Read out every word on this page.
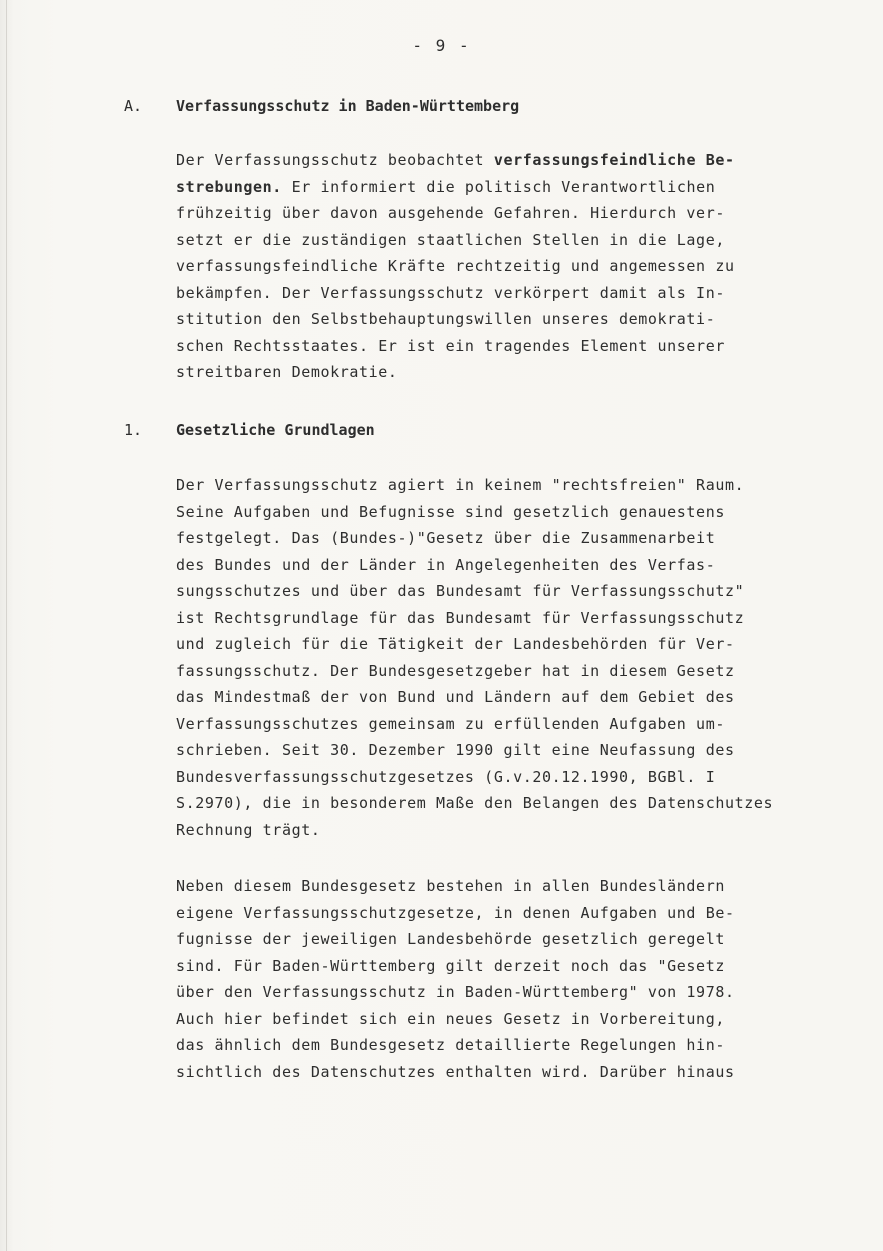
- 9 -
A. Verfassungsschutz in Baden-Württemberg
Der Verfassungsschutz beobachtet verfassungsfeindliche Be-
strebungen. Er informiert die politisch Verantwortlichen
frühzeitig über davon ausgehende Gefahren. Hierdurch ver-
setzt er die zuständigen staatlichen Stellen in die Lage,
verfassungsfeindliche Kräfte rechtzeitig und angemessen zu
bekämpfen. Der Verfassungsschutz verkörpert damit als In-
stitution den Selbstbehauptungswillen unseres demokrati-
schen Rechtsstaates. Er ist ein tragendes Element unserer
streitbaren Demokratie.
1. Gesetzliche Grundlagen
Der Verfassungsschutz agiert in keinem "rechtsfreien" Raum.
Seine Aufgaben und Befugnisse sind gesetzlich genauestens
festgelegt. Das (Bundes-)"Gesetz über die Zusammenarbeit
des Bundes und der Länder in Angelegenheiten des Verfas-
sungsschutzes und über das Bundesamt für Verfassungsschutz"
ist Rechtsgrundlage für das Bundesamt für Verfassungsschutz
und zugleich für die Tätigkeit der Landesbehörden für Ver-
fassungsschutz. Der Bundesgesetzgeber hat in diesem Gesetz
das Mindestmaß der von Bund und Ländern auf dem Gebiet des
Verfassungsschutzes gemeinsam zu erfüllenden Aufgaben um-
schrieben. Seit 30. Dezember 1990 gilt eine Neufassung des
Bundesverfassungsschutzgesetzes (G.v.20.12.1990, BGBl. I
S.2970), die in besonderem Maße den Belangen des Datenschutzes
Rechnung trägt.
Neben diesem Bundesgesetz bestehen in allen Bundesländern
eigene Verfassungsschutzgesetze, in denen Aufgaben und Be-
fugnisse der jeweiligen Landesbehörde gesetzlich geregelt
sind. Für Baden-Württemberg gilt derzeit noch das "Gesetz
über den Verfassungsschutz in Baden-Württemberg" von 1978.
Auch hier befindet sich ein neues Gesetz in Vorbereitung,
das ähnlich dem Bundesgesetz detaillierte Regelungen hin-
sichtlich des Datenschutzes enthalten wird. Darüber hinaus
